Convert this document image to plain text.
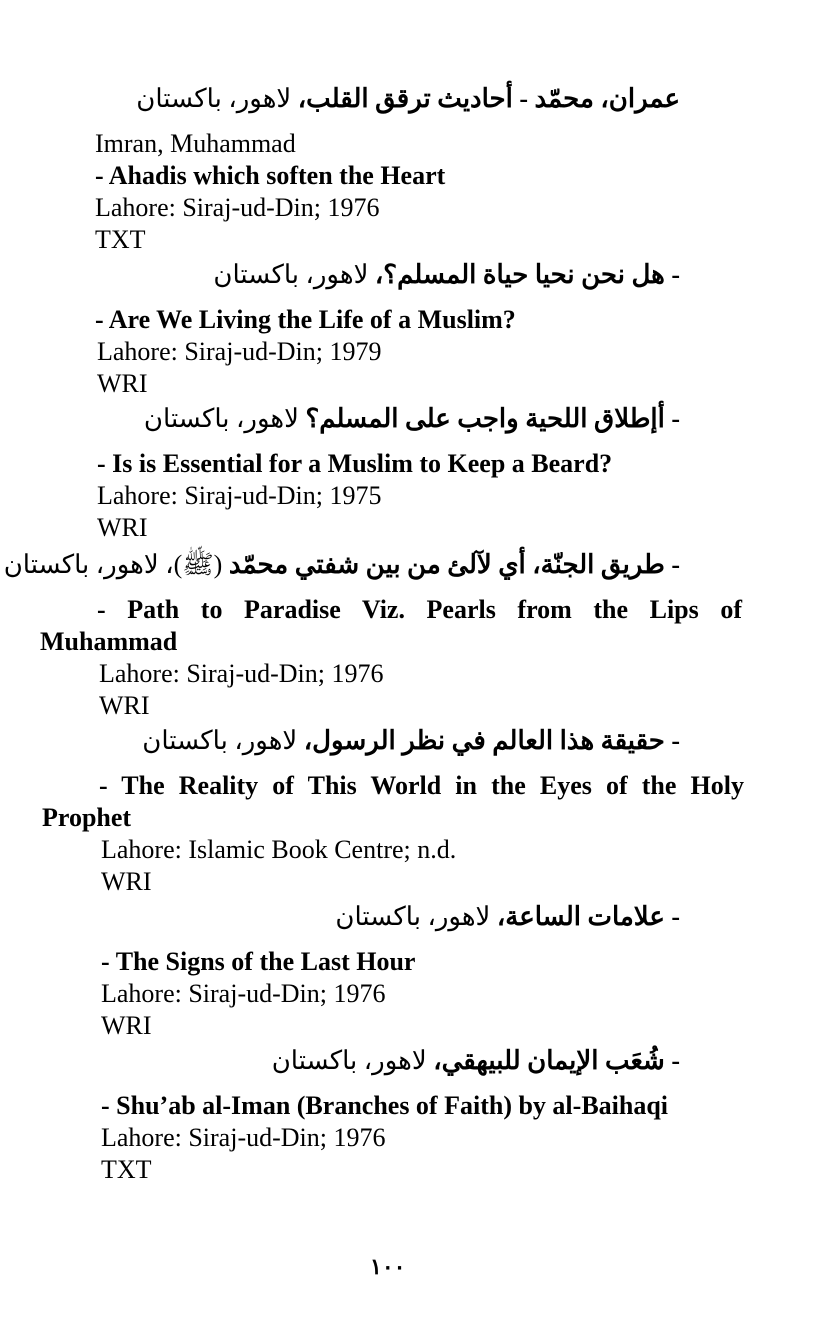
عمران، محمّد - أحاديث ترقق القلب، لاهور، باكستان
Imran, Muhammad
- Ahadis which soften the Heart
Lahore: Siraj-ud-Din; 1976
TXT
- هل نحن نحيا حياة المسلم؟، لاهور، باكستان
- Are We Living the Life of a Muslim?
Lahore: Siraj-ud-Din; 1979
WRI
- أإطلاق اللحية واجب على المسلم؟ لاهور، باكستان
- Is is Essential for a Muslim to Keep a Beard?
Lahore: Siraj-ud-Din; 1975
WRI
- طريق الجنّة، أي لآلئ من بين شفتي محمّد (ﷺ)، لاهور، باكستان
- Path to Paradise Viz. Pearls from the Lips of
Muhammad
Lahore: Siraj-ud-Din; 1976
WRI
- حقيقة هذا العالم في نظر الرسول، لاهور، باكستان
- The Reality of This World in the Eyes of the Holy
Prophet
Lahore: Islamic Book Centre; n.d.
WRI
- علامات الساعة، لاهور، باكستان
- The Signs of the Last Hour
Lahore: Siraj-ud-Din; 1976
WRI
- شُعَب الإيمان للبيهقي، لاهور، باكستان
- Shu’ab al-Iman (Branches of Faith) by al-Baihaqi
Lahore: Siraj-ud-Din; 1976
TXT
١٠٠
